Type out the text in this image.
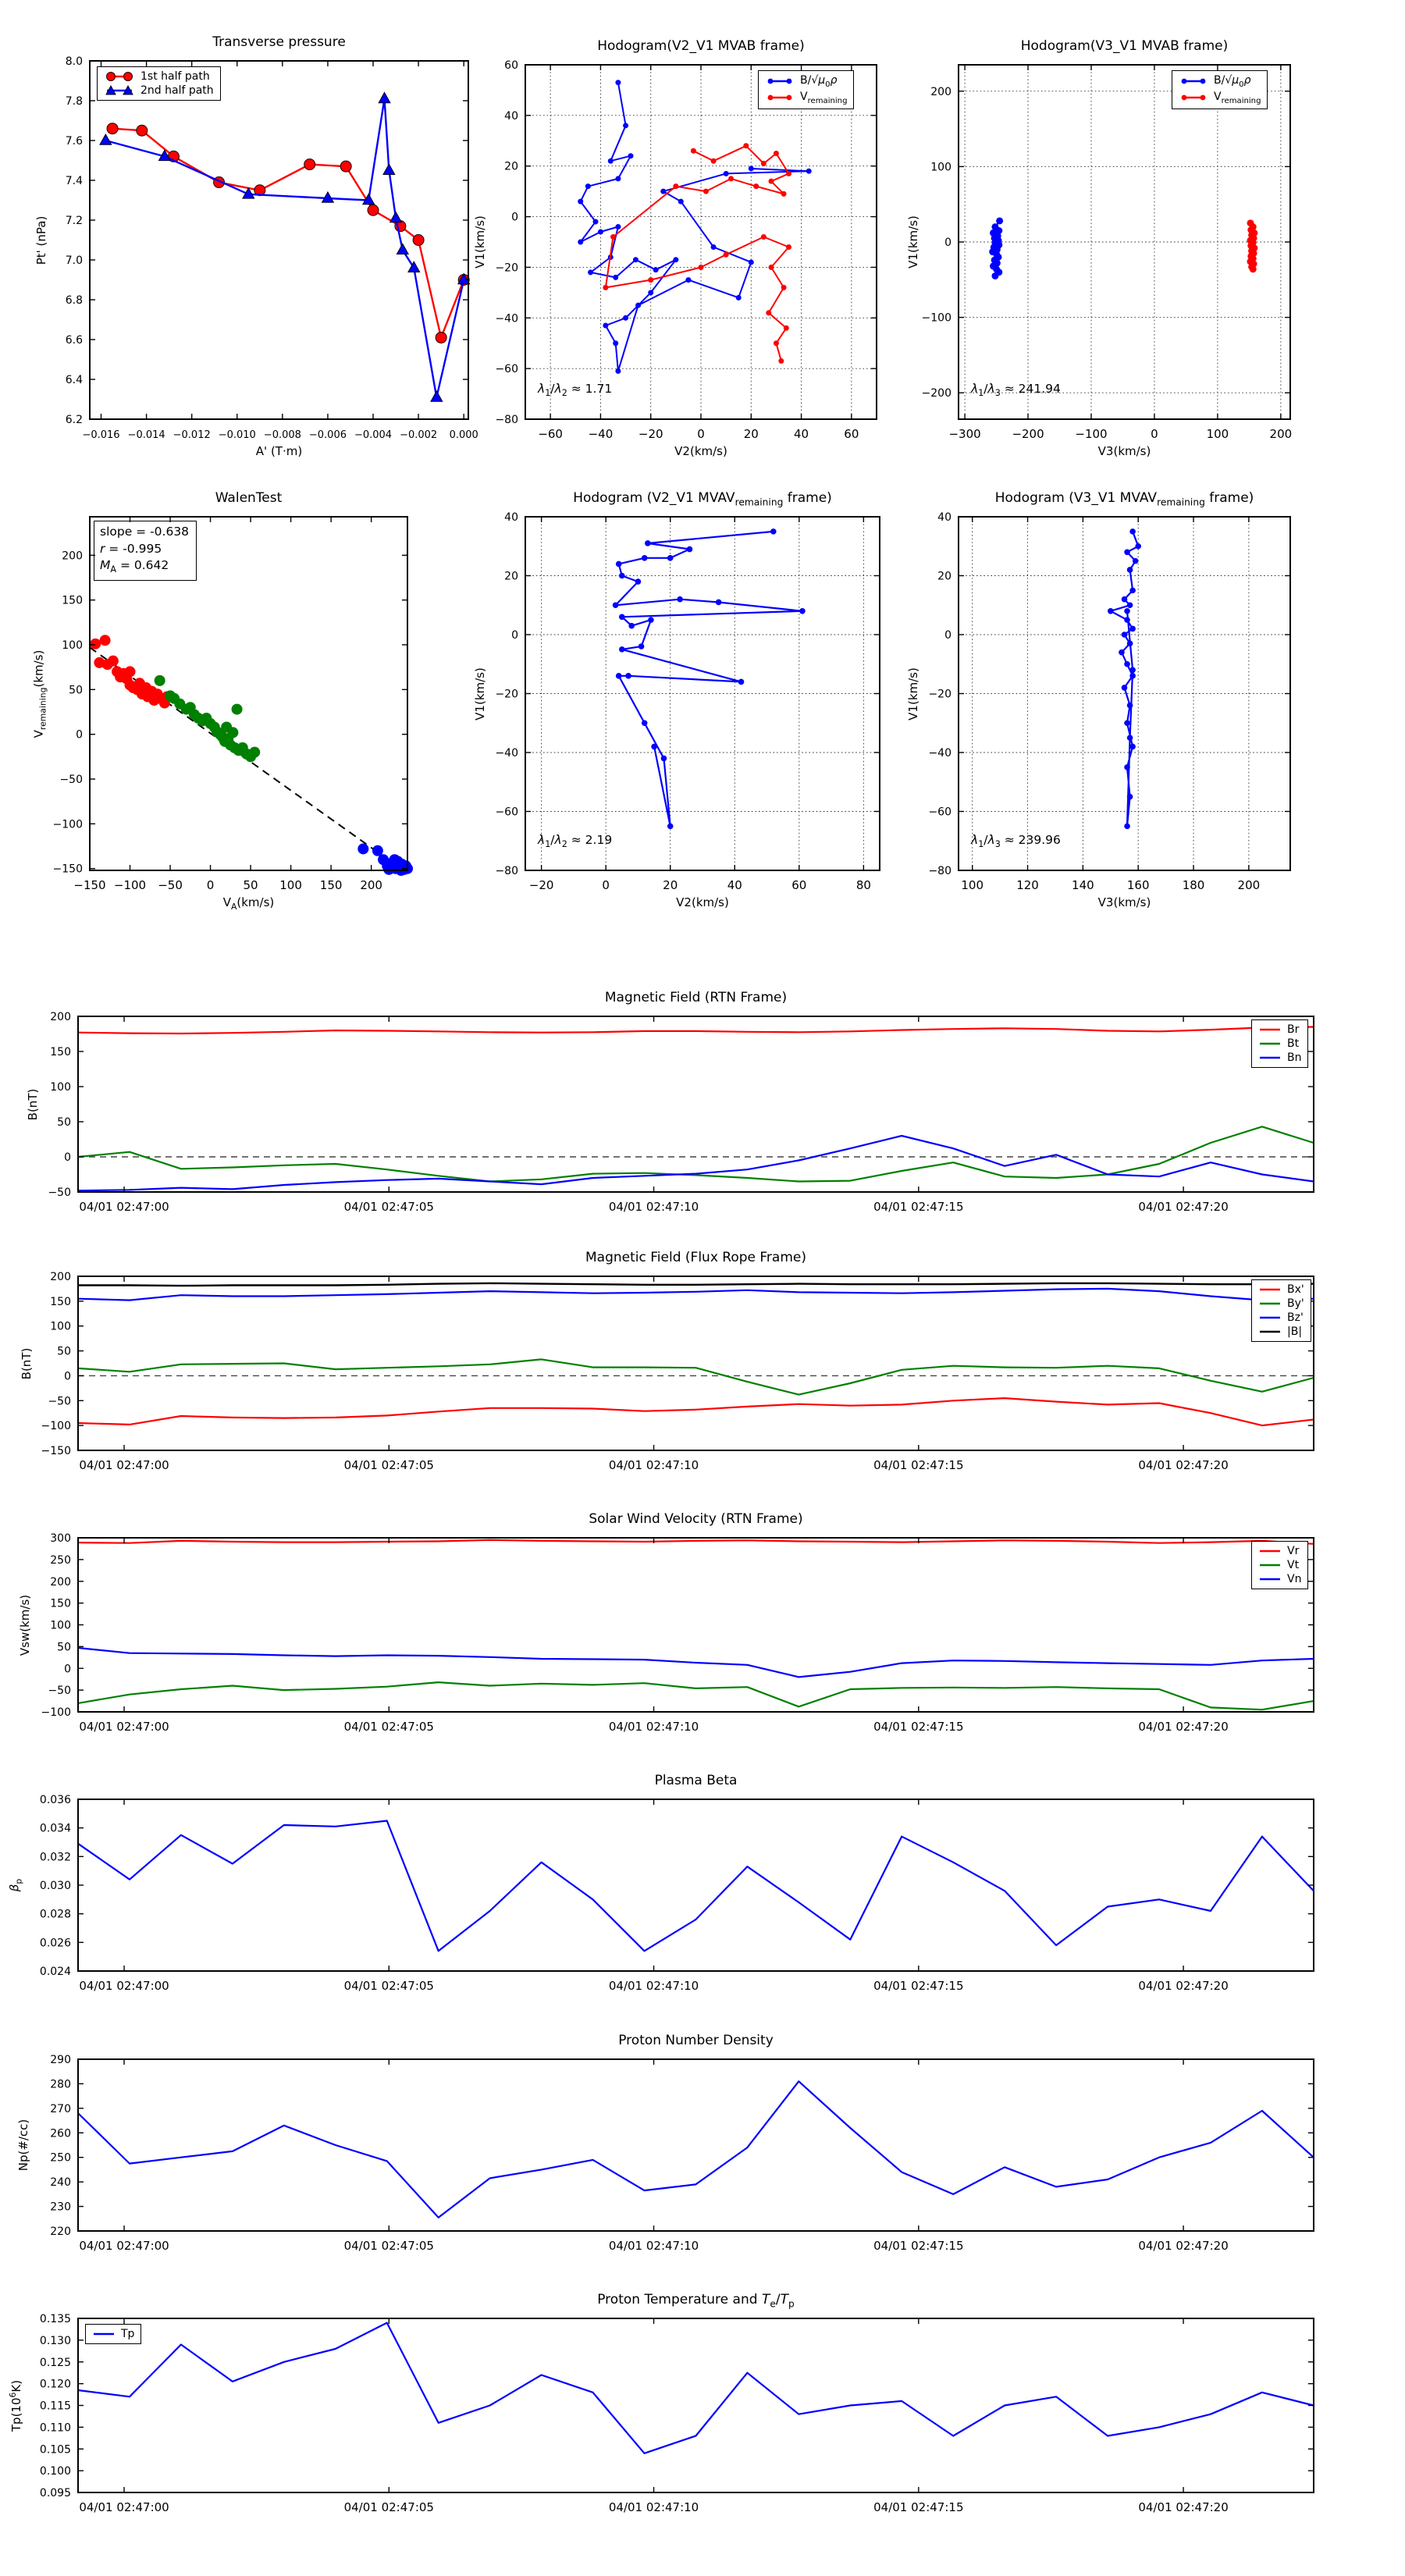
Transverse pressure
Pt' (nPa)
A' (T·m)
−0.016 −0.014 −0.012 −0.010 −0.008 −0.006 −0.004 −0.002 0.000
6.2
6.4
6.6
6.8
7.0
7.2
7.4
7.6
7.8
8.0
1st half path
2nd half path
Hodogram(V2_V1 MVAB frame)
V1(km/s)
V2(km/s)
$\lambda_1/\lambda_2 \approx 1.71$
−60 −40 −20	0	20	40	60
−80
−60
−40
−20
0
20
40
60
$B/√\mu_0\rho$
$V_{remaining}$
Hodogram(V3_V1 MVAB frame)
V1(km/s)
V3(km/s)
$\lambda_1/\lambda_3 \approx 241.94$
−300	−200	−100	0	100	200
−200
−100
0
100
200
$B/√\mu_0\rho$
$V_{remaining}$
WalenTest
$V_{remaining}(km/s)$
$V_A(km/s)$
slope = -0.638
r = -0.995
$M_A = 0.642$
−150 −100 −50 0 50 100 150 200
−150
−100
−50
0
50
100
150
200
Hodogram (V2_V1 $MVAV_{remaining}$ frame)
V1(km/s)
V2(km/s)
$\lambda_1/\lambda_2 \approx 2.19$
−20	0	20	40	60	80
−80
−60
−40
−20
0
20
40
Hodogram (V3_V1 $MVAV_{remaining}$ frame)
V1(km/s)
V3(km/s)
$\lambda_1/\lambda_3 \approx 239.96$
100	120	140	160	180	200
−80
−60
−40
−20
0
20
40
Magnetic Field (RTN Frame)
B(nT)
04/01 02:47:00	04/01 02:47:05	04/01 02:47:10	04/01 02:47:15	04/01 02:47:20
−50
0
50
100
150
200
Br
Bt
Bn
Magnetic Field (Flux Rope Frame)
B(nT)
04/01 02:47:00	04/01 02:47:05	04/01 02:47:10	04/01 02:47:15	04/01 02:47:20
−150
−100
−50
0
50
100
150
200
Bx'
By'
Bz'
|B|
Solar Wind Velocity (RTN Frame)
Vsw(km/s)
04/01 02:47:00	04/01 02:47:05	04/01 02:47:10	04/01 02:47:15	04/01 02:47:20
−100
−50
0
50
100
150
200
250
300
Vr
Vt
Vn
Plasma Beta
$\beta_p$
04/01 02:47:00	04/01 02:47:05	04/01 02:47:10	04/01 02:47:15	04/01 02:47:20
0.024
0.026
0.028
0.030
0.032
0.034
0.036
Proton Number Density
Np(#/cc)
04/01 02:47:00	04/01 02:47:05	04/01 02:47:10	04/01 02:47:15	04/01 02:47:20
220
230
240
250
260
270
280
290
Proton Temperature and $T_e/T_p$
$Tp(10^6K)$
04/01 02:47:00	04/01 02:47:05	04/01 02:47:10	04/01 02:47:15	04/01 02:47:20
0.095
0.100
0.105
0.110
0.115
0.120
0.125
0.130
0.135
Tp
